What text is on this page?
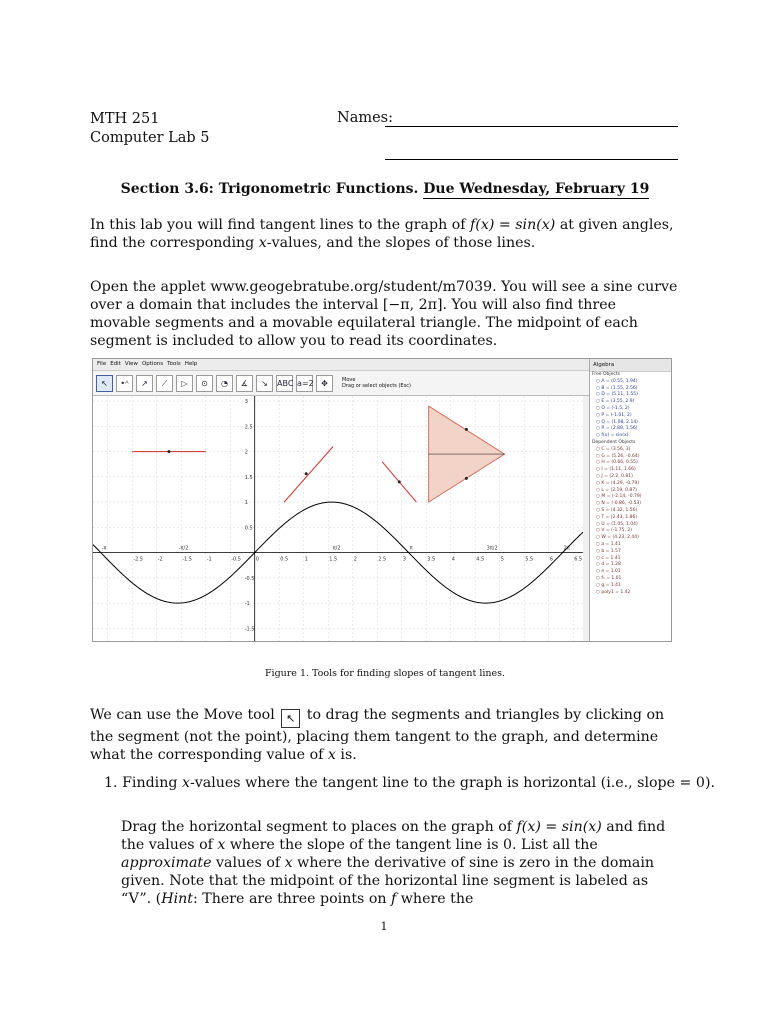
MTH 251
Computer Lab 5
Names:
Section 3.6: Trigonometric Functions. Due Wednesday, February 19
In this lab you will find tangent lines to the graph of f(x) = sin(x) at given angles, find the corresponding x-values, and the slopes of those lines.
Open the applet www.geogebratube.org/student/m7039. You will see a sine curve over a domain that includes the interval [−π, 2π]. You will also find three movable segments and a movable equilateral triangle. The midpoint of each segment is included to allow you to read its coordinates.
File Edit View Options Tools Help
↖	•ᴬ	↗	⟋	▷	⊙	◔	∡	↘	ABC a=2 ✥	Move
Drag or select objects (Esc)
-π
-2.5	-2
-π/2
-1.5	-1	-0.5	0	0.5	1
π/2
1.5	2	2.5
π
3	3.5	4
3π/2
4.5	5	5.5
2π
6	6.5
3
2.5
2
1.5
1
0.5
-0.5
-1
-1.5
Algebra
Free Objects
○ A = (0.55, 1.94)
○ B = (1.55, 2.56)
○ D = (5.11, 1.55)
○ E = (3.55, 2.9)
○ O = (-1.5, 2)
○ P = (-1.01, 2)
○ Q = (1.08, 2.14)
○ R = (2.89, 1.56)
○ f(x) = sin(x)
Dependent Objects
○ C = (3.56, 3)
○ G = (5.26, -0.64)
○ H = (0.66, 0.55)
○ I = (1.11, 1.66)
○ J = (2.2, 0.81)
○ K = (4.29, -0.79)
○ L = (2.19, 0.87)
○ M = (-2.14, -0.79)
○ N = (-0.86, -0.53)
○ S = (4.32, 1.56)
○ T = (2.43, 1.86)
○ U = (1.05, 1.04)
○ V = (-1.75, 2)
○ W = (4.23, 2.44)
○ a = 1.41
○ b = 1.57
○ c = 1.41
○ d = 1.28
○ e = 1.01
○ f₁ = 1.01
○ g = 1.41
○ poly1 = 1.42
Figure 1. Tools for finding slopes of tangent lines.
We can use the Move tool ↖ to drag the segments and triangles by clicking on the segment (not the point), placing them tangent to the graph, and determine what the corresponding value of x is.
1. Finding x-values where the tangent line to the graph is horizontal (i.e., slope = 0).
Drag the horizontal segment to places on the graph of f(x) = sin(x) and find the values of x where the slope of the tangent line is 0. List all the approximate values of x where the derivative of sine is zero in the domain given. Note that the midpoint of the horizontal line segment is labeled as “V”. (Hint: There are three points on f where the
1
